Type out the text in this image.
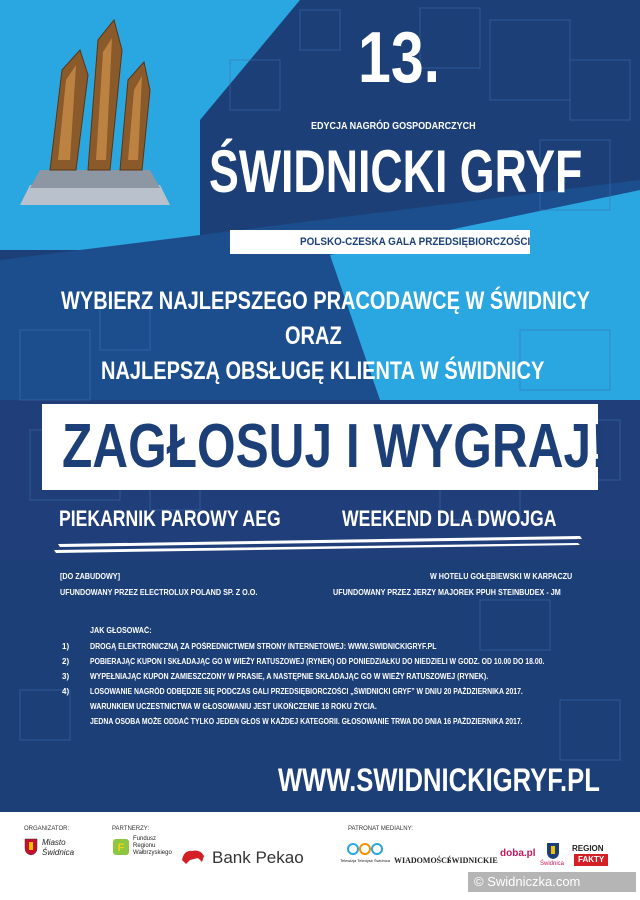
13.
EDYCJA NAGRÓD GOSPODARCZYCH
ŚWIDNICKI GRYF
POLSKO-CZESKA GALA PRZEDSIĘBIORCZOŚCI
WYBIERZ NAJLEPSZEGO PRACODAWCĘ W ŚWIDNICY
ORAZ
NAJLEPSZĄ OBSŁUGĘ KLIENTA W ŚWIDNICY
ZAGŁOSUJ I WYGRAJ!
PIEKARNIK PAROWY AEG	WEEKEND DLA DWOJGA
[DO ZABUDOWY]
UFUNDOWANY PRZEZ ELECTROLUX POLAND SP. Z O.O.
W HOTELU GOŁĘBIEWSKI W KARPACZU
UFUNDOWANY PRZEZ JERZY MAJOREK PPUH STEINBUDEX - JM
JAK GŁOSOWAĆ:
1)	DROGĄ ELEKTRONICZNĄ ZA POŚREDNICTWEM STRONY INTERNETOWEJ: WWW.SWIDNICKIGRYF.PL
2)	POBIERAJĄC KUPON I SKŁADAJĄC GO W WIEŻY RATUSZOWEJ (RYNEK) OD PONIEDZIAŁKU DO NIEDZIELI W GODZ. OD 10.00 DO 18.00.
3)	WYPEŁNIAJĄC KUPON ZAMIESZCZONY W PRASIE, A NASTĘPNIE SKŁADAJĄC GO W WIEŻY RATUSZOWEJ (RYNEK).
4)	LOSOWANIE NAGRÓD ODBĘDZIE SIĘ PODCZAS GALI PRZEDSIĘBIORCZOŚCI „ŚWIDNICKI GRYF” W DNIU 20 PAŹDZIERNIKA 2017.
WARUNKIEM UCZESTNICTWA W GŁOSOWANIU JEST UKOŃCZENIE 18 ROKU ŻYCIA.
JEDNA OSOBA MOŻE ODDAĆ TYLKO JEDEN GŁOS W KAŻDEJ KATEGORII. GŁOSOWANIE TRWA DO DNIA 16 PAŹDZIERNIKA 2017.
WWW.SWIDNICKIGRYF.PL
ORGANIZATOR:
Miasto
Świdnica
PARTNERZY:
F
Fundusz
Regionu
Wałbrzyskiego Bank Pekao
PATRONAT MEDIALNY:
Telewizja Teledysk Świdnica WIADOMOŚCI
ŚWIDNICKIE
doba.pl
Świdnica
REGION
FAKTY
© Swidniczka.com
